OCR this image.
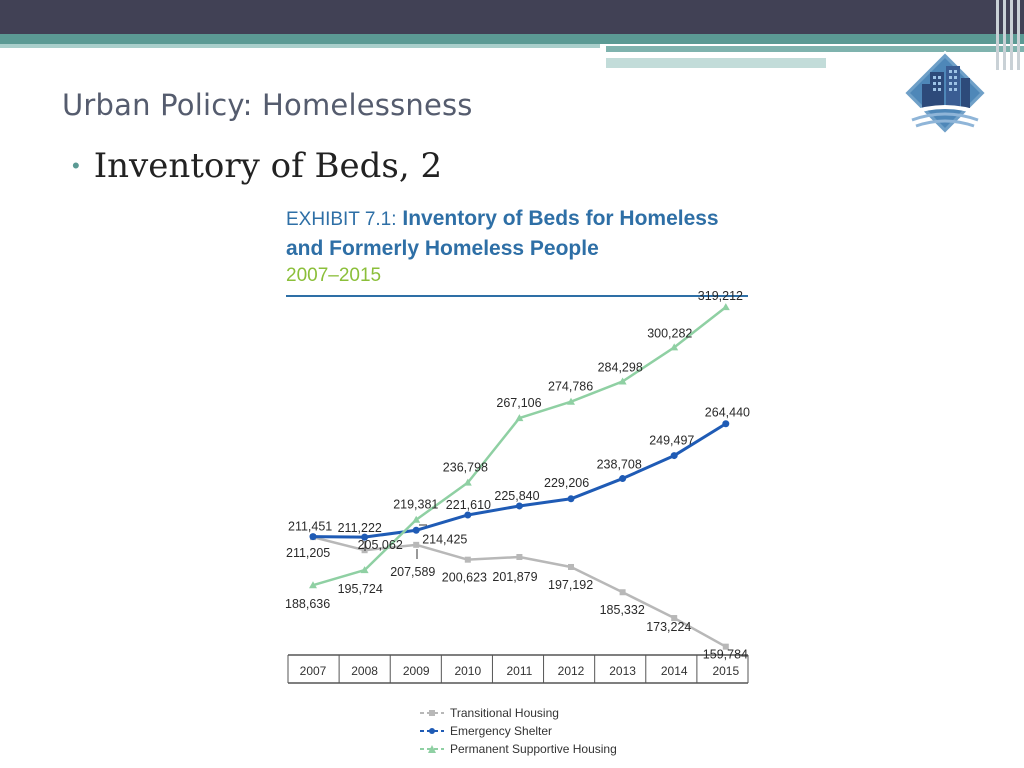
Urban Policy: Homelessness
• Inventory of Beds, 2
EXHIBIT 7.1: Inventory of Beds for Homeless
and Formerly Homeless People
2007–2015
2007 2008 2009 2010 2011 2012 2013 2014 2015
211,205
205,062
207,589 200,623 201,879
197,192
185,332
173,224
159,784
211,451 211,222
214,425
221,610
225,840
229,206
238,708
249,497
264,440
188,636
195,724
219,381
236,798
267,106
274,786
284,298
300,282
319,212
Transitional Housing
Emergency Shelter
Permanent Supportive Housing
